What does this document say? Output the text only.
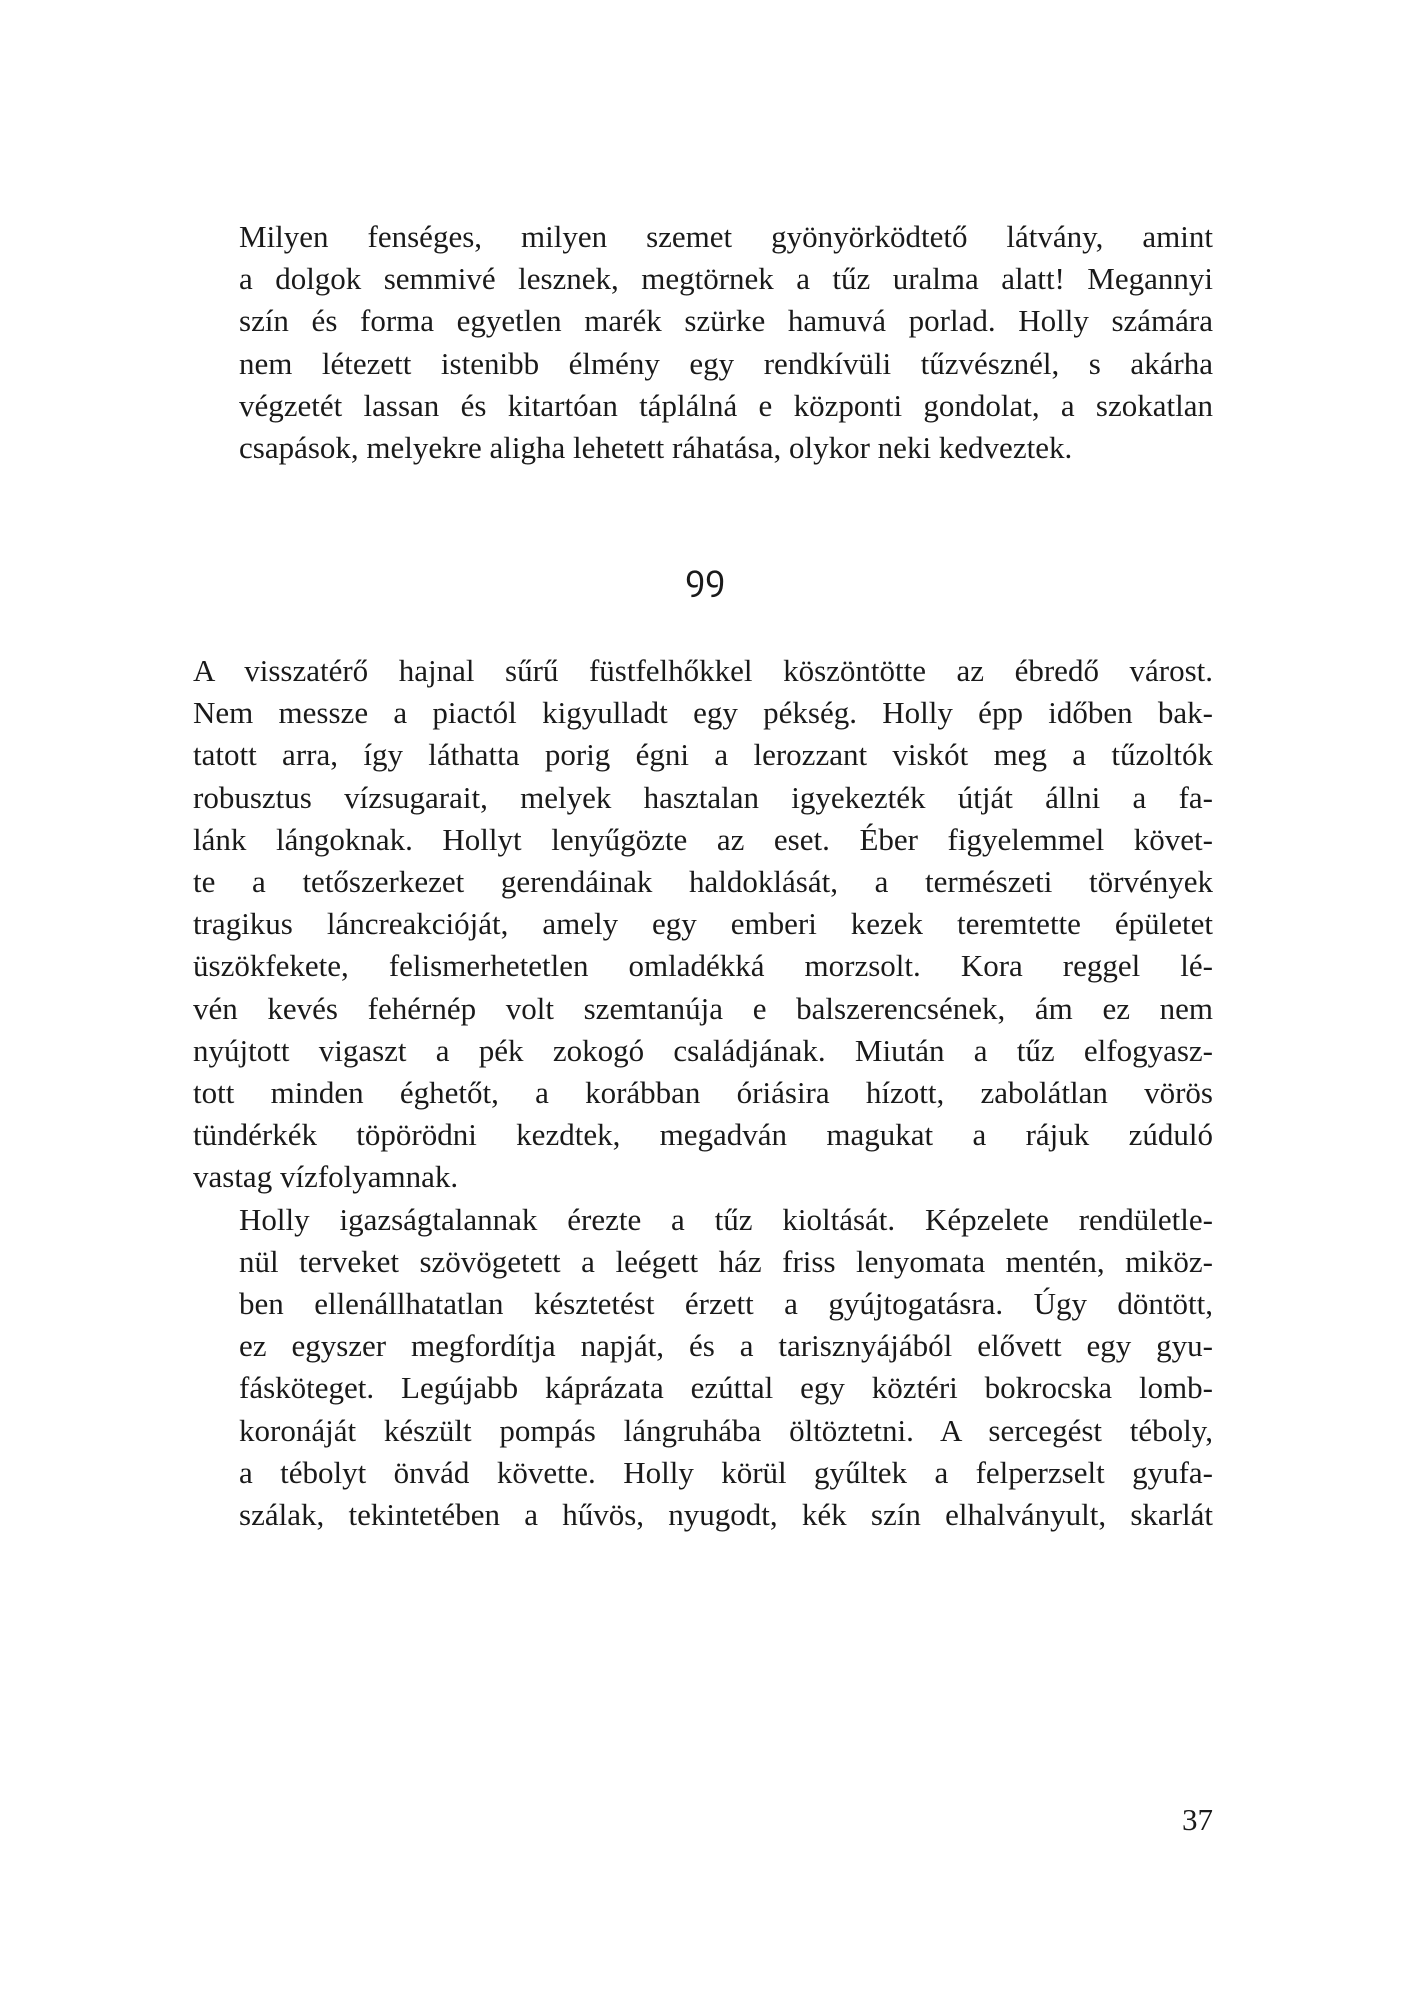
Milyen fenséges, milyen szemet gyönyörködtető látvány, amint
a dolgok semmivé lesznek, megtörnek a tűz uralma alatt! Megannyi
szín és forma egyetlen marék szürke hamuvá porlad. Holly számára
nem létezett istenibb élmény egy rendkívüli tűzvésznél, s akárha
végzetét lassan és kitartóan táplálná e központi gondolat, a szokatlan
csapások, melyekre aligha lehetett ráhatása, olykor neki kedveztek.

ꝯꝯ

A visszatérő hajnal sűrű füstfelhőkkel köszöntötte az ébredő várost.
Nem messze a piactól kigyulladt egy pékség. Holly épp időben bak-
tatott arra, így láthatta porig égni a lerozzant viskót meg a tűzoltók
robusztus vízsugarait, melyek hasztalan igyekezték útját állni a fa-
lánk lángoknak. Hollyt lenyűgözte az eset. Éber figyelemmel követ-
te a tetőszerkezet gerendáinak haldoklását, a természeti törvények
tragikus láncreakcióját, amely egy emberi kezek teremtette épületet
üszökfekete, felismerhetetlen omladékká morzsolt. Kora reggel lé-
vén kevés fehérnép volt szemtanúja e balszerencsének, ám ez nem
nyújtott vigaszt a pék zokogó családjának. Miután a tűz elfogyasz-
tott minden éghetőt, a korábban óriásira hízott, zabolátlan vörös
tündérkék töpörödni kezdtek, megadván magukat a rájuk zúduló
vastag vízfolyamnak.

Holly igazságtalannak érezte a tűz kioltását. Képzelete rendületle-
nül terveket szövögetett a leégett ház friss lenyomata mentén, miköz-
ben ellenállhatatlan késztetést érzett a gyújtogatásra. Úgy döntött,
ez egyszer megfordítja napját, és a tarisznyájából elővett egy gyu-
fásköteget. Legújabb káprázata ezúttal egy köztéri bokrocska lomb-
koronáját készült pompás lángruhába öltöztetni. A sercegést téboly,
a tébolyt önvád követte. Holly körül gyűltek a felperzselt gyufa-
szálak, tekintetében a hűvös, nyugodt, kék szín elhalványult, skarlát

37
